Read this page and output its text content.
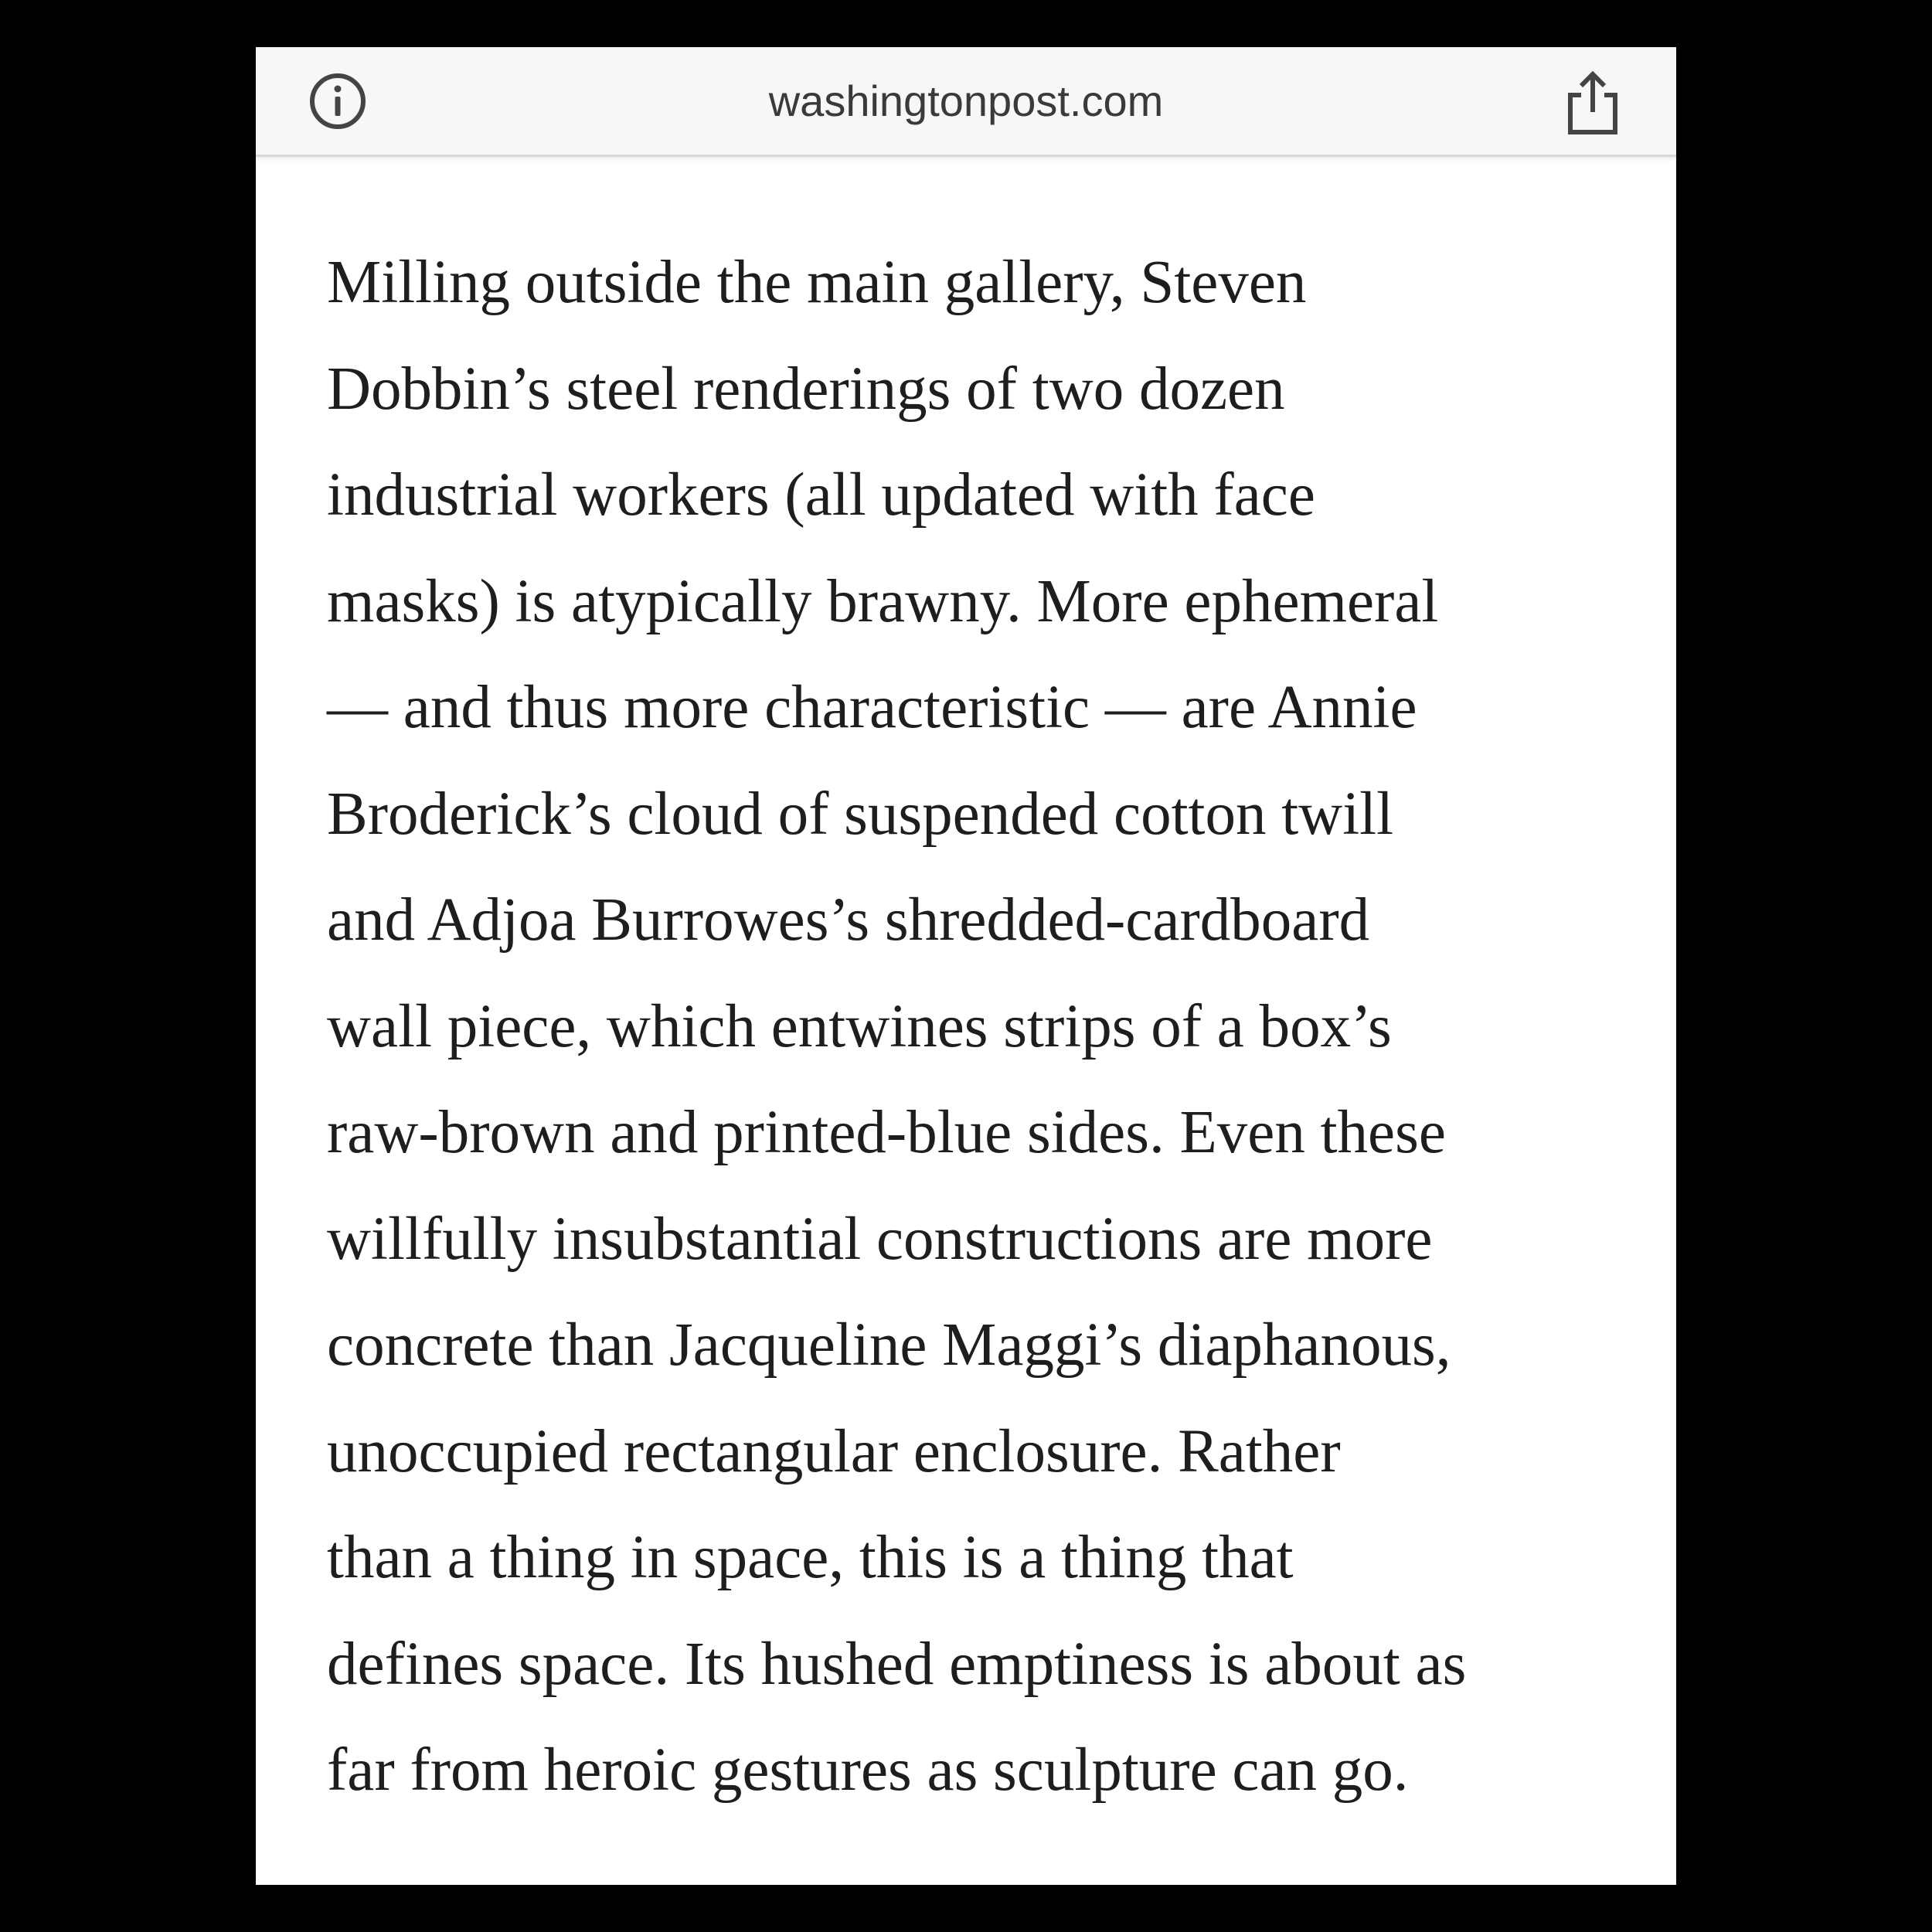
washingtonpost.com
Milling outside the main gallery, Steven
Dobbin’s steel renderings of two dozen
industrial workers (all updated with face
masks) is atypically brawny. More ephemeral
— and thus more characteristic — are Annie
Broderick’s cloud of suspended cotton twill
and Adjoa Burrowes’s shredded-cardboard
wall piece, which entwines strips of a box’s
raw-brown and printed-blue sides. Even these
willfully insubstantial constructions are more
concrete than Jacqueline Maggi’s diaphanous,
unoccupied rectangular enclosure. Rather
than a thing in space, this is a thing that
defines space. Its hushed emptiness is about as
far from heroic gestures as sculpture can go.
